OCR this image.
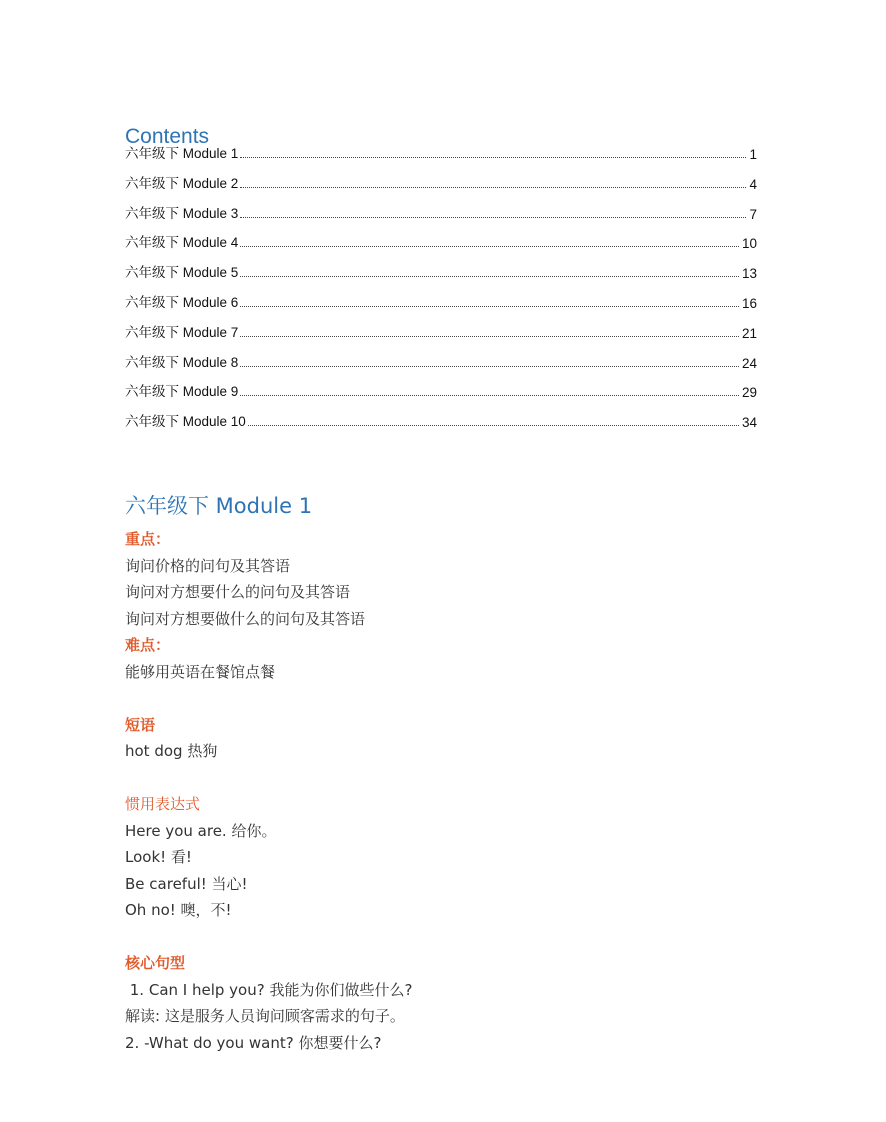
Contents
六年级下 Module 1	1
六年级下 Module 2	4
六年级下 Module 3	7
六年级下 Module 4	10
六年级下 Module 5	13
六年级下 Module 6	16
六年级下 Module 7	21
六年级下 Module 8	24
六年级下 Module 9	29
六年级下 Module 10	34
六年级下 Module 1
重点：
询问价格的问句及其答语
询问对方想要什么的问句及其答语
询问对方想要做什么的问句及其答语
难点：
能够用英语在餐馆点餐
短语
hot dog 热狗
惯用表达式
Here you are. 给你。
Look! 看!
Be careful! 当心!
Oh no! 噢，不!
核心句型
1. Can I help you? 我能为你们做些什么?
解读: 这是服务人员询问顾客需求的句子。
2. -What do you want? 你想要什么?
